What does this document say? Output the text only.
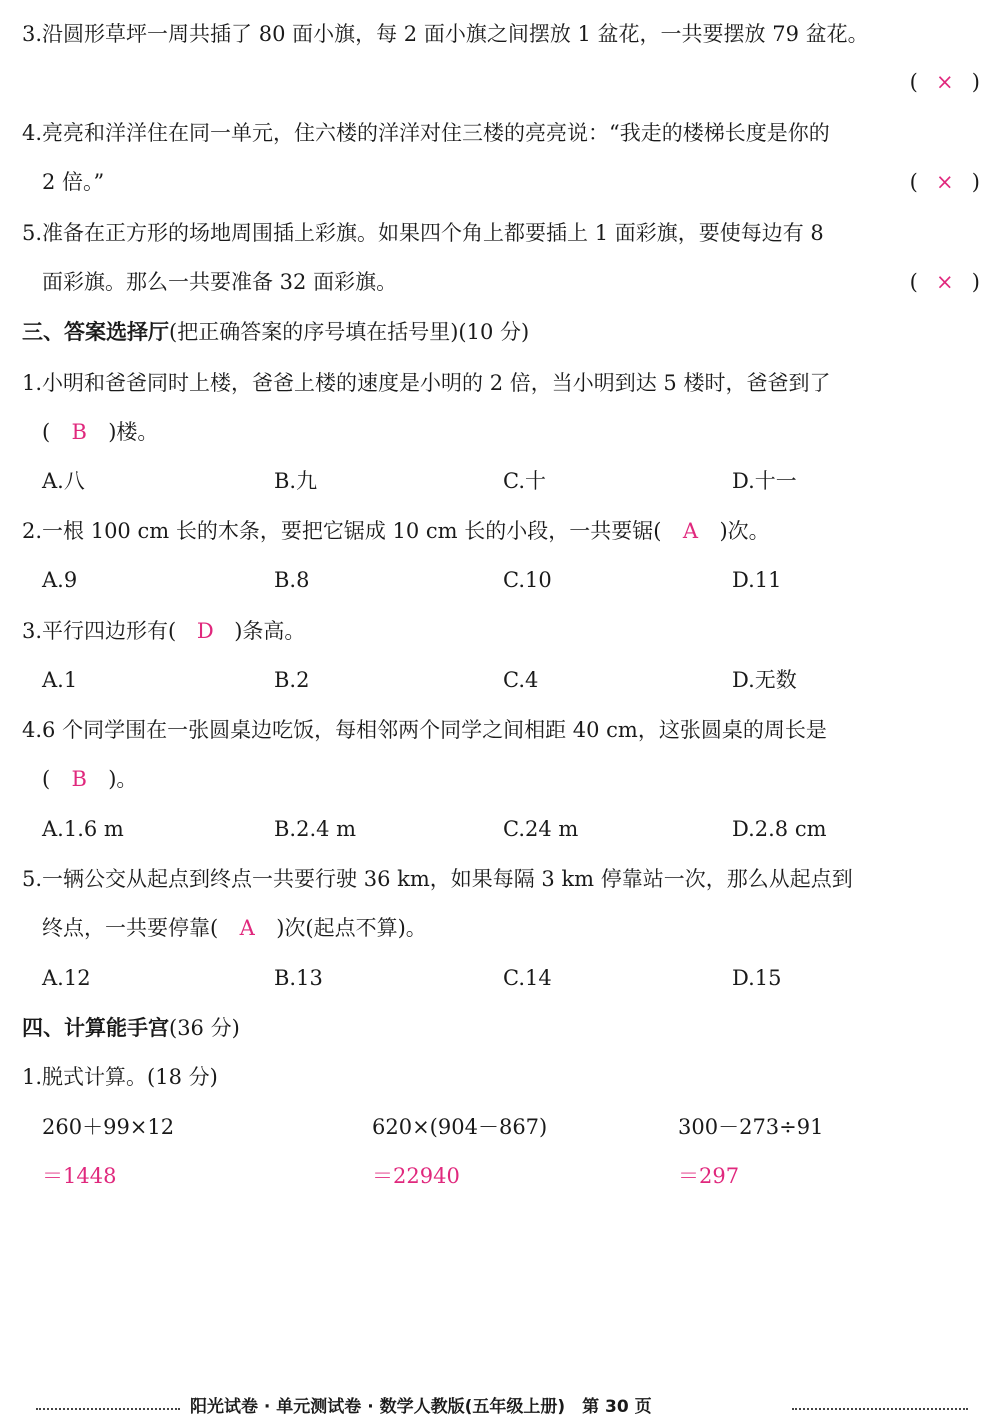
3.沿圆形草坪一周共插了 80 面小旗，每 2 面小旗之间摆放 1 盆花，一共要摆放 79 盆花。
( × )
4.亮亮和洋洋住在同一单元，住六楼的洋洋对住三楼的亮亮说：“我走的楼梯长度是你的
2 倍。”	( × )
5.准备在正方形的场地周围插上彩旗。如果四个角上都要插上 1 面彩旗，要使每边有 8
面彩旗。那么一共要准备 32 面彩旗。	( × )
三、答案选择厅(把正确答案的序号填在括号里)(10 分)
1.小明和爸爸同时上楼，爸爸上楼的速度是小明的 2 倍，当小明到达 5 楼时，爸爸到了
( B )楼。
A.八	B.九	C.十	D.十一
2.一根 100 cm 长的木条，要把它锯成 10 cm 长的小段，一共要锯( A )次。
A.9	B.8	C.10	D.11
3.平行四边形有( D )条高。
A.1	B.2	C.4	D.无数
4.6 个同学围在一张圆桌边吃饭，每相邻两个同学之间相距 40 cm，这张圆桌的周长是
( B )。
A.1.6 m	B.2.4 m	C.24 m	D.2.8 cm
5.一辆公交从起点到终点一共要行驶 36 km，如果每隔 3 km 停靠站一次，那么从起点到
终点，一共要停靠( A )次(起点不算)。
A.12	B.13	C.14	D.15
四、计算能手宫(36 分)
1.脱式计算。(18 分)
260＋99×12	620×(904－867)	300－273÷91
＝1448	＝22940	＝297
阳光试卷 · 单元测试卷 · 数学人教版(五年级上册)　第 30 页
